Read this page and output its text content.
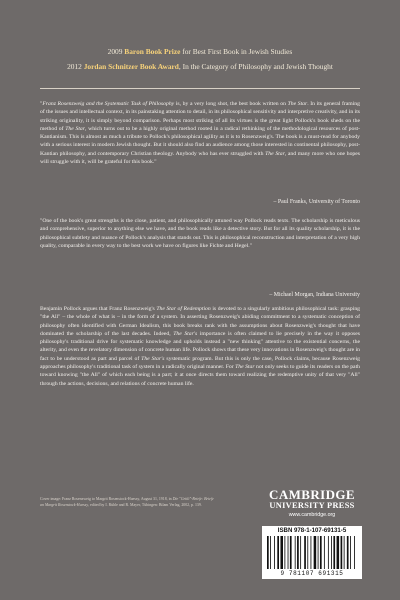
2009 Baron Book Prize for Best First Book in Jewish Studies
2012 Jordan Schnitzer Book Award, In the Category of Philosophy and Jewish Thought
"Franz Rosenzweig and the Systematic Task of Philosophy is, by a very long shot, the best book written on The Star. In its general framing of the issues and intellectual context, in its painstaking attention to detail, in its philosophical sensitivity and interpretive creativity, and in its striking originality, it is simply beyond comparison. Perhaps most striking of all its virtues is the great light Pollock's book sheds on the method of The Star, which turns out to be a highly original method rooted in a radical rethinking of the methodological resources of post-Kantianism. This is almost as much a tribute to Pollock's philosophical agility as it is to Rosenzweig's. The book is a must-read for anybody with a serious interest in modern Jewish thought. But it should also find an audience among those interested in continental philosophy, post-Kantian philosophy, and contemporary Christian theology. Anybody who has ever struggled with The Star, and many more who one hopes will struggle with it, will be grateful for this book."
– Paul Franks, University of Toronto
"One of the book's great strengths is the close, patient, and philosophically attuned way Pollock reads texts. The scholarship is meticulous and comprehensive, superior to anything else we have, and the book reads like a detective story. But for all its quality scholarship, it is the philosophical subtlety and nuance of Pollock's analysis that stands out. This is philosophical reconstruction and interpretation of a very high quality, comparable in every way to the best work we have on figures like Fichte and Hegel."
– Michael Morgan, Indiana University
Benjamin Pollock argues that Franz Rosenzweig's The Star of Redemption is devoted to a singularly ambitious philosophical task: grasping "the All" – the whole of what is – in the form of a system. In asserting Rosenzweig's abiding commitment to a systematic conception of philosophy often identified with German Idealism, this book breaks rank with the assumptions about Rosenzweig's thought that have dominated the scholarship of the last decades. Indeed, The Star's importance is often claimed to lie precisely in the way it opposes philosophy's traditional drive for systematic knowledge and upholds instead a "new thinking" attentive to the existential concerns, the alterity, and even the revelatory dimension of concrete human life. Pollock shows that these very innovations in Rosenzweig's thought are in fact to be understood as part and parcel of The Star's systematic program. But this is only the case, Pollock claims, because Rosenzweig approaches philosophy's traditional task of system in a radically original manner. For The Star not only seeks to guide its readers on the path toward knowing "the All" of which each being is a part; it at once directs them toward realizing the redemptive unity of that very "All" through the actions, decisions, and relations of concrete human life.
Cover image: Franz Rosenzweig to Margrit Rosenstock-Huessy, August 31, 1918, in Die "Gritli"-Briefe: Briefe an Margrit Rosenstock-Huessy, edited by I. Rühle and R. Mayer, Tübingen: Bilam Verlag, 2002, p. 139.
CAMBRIDGE
UNIVERSITY PRESS
www.cambridge.org
ISBN 978-1-107-69131-5
9 781107 691315
